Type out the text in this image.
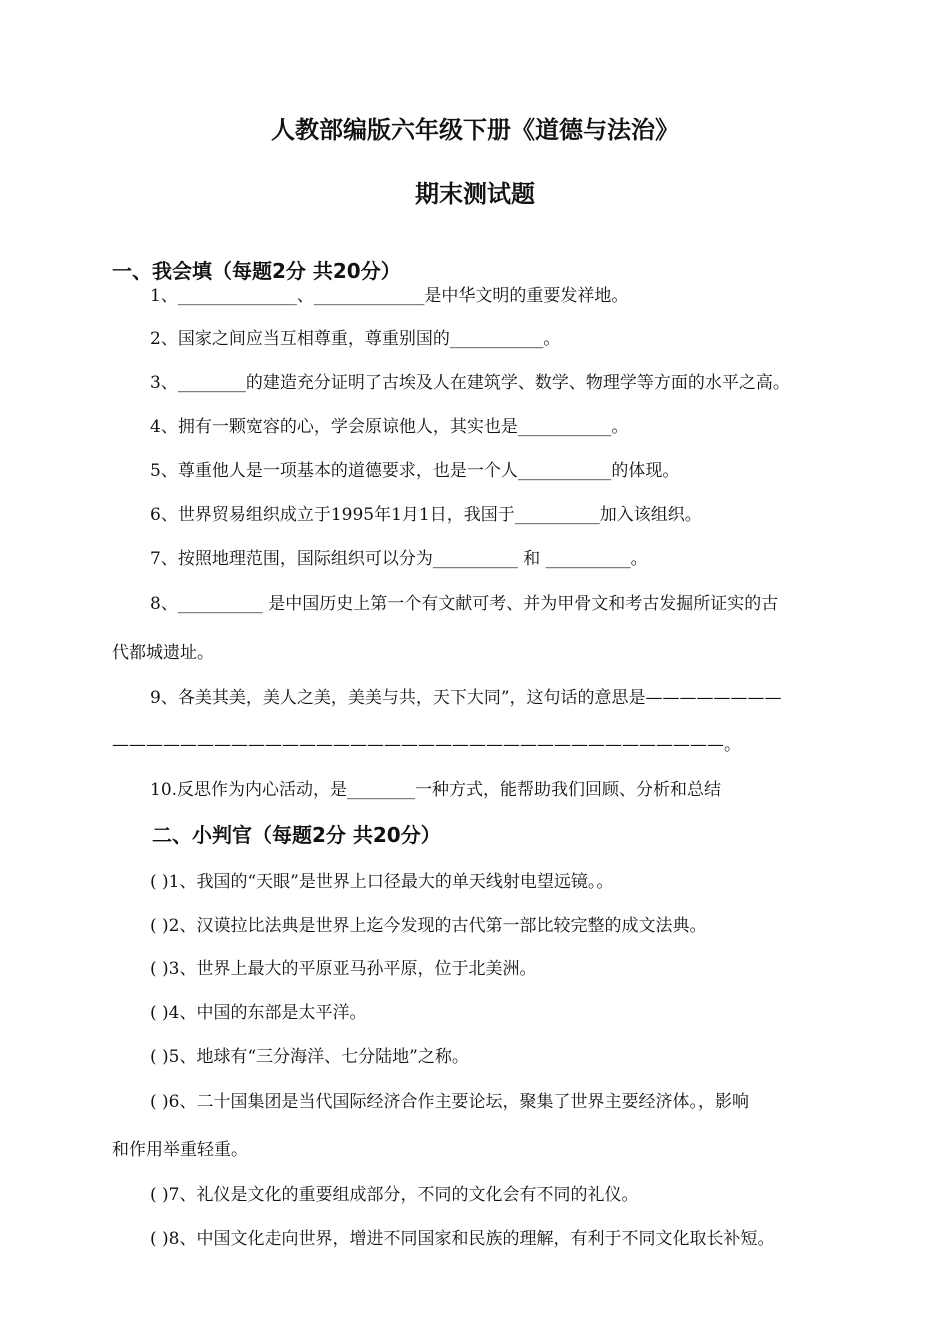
人教部编版六年级下册《道德与法治》
期末测试题
一、我会填（每题2分 共20分）
1、______________、_____________是中华文明的重要发祥地。
2、国家之间应当互相尊重，尊重别国的___________。
3、________的建造充分证明了古埃及人在建筑学、数学、物理学等方面的水平之高。
4、拥有一颗宽容的心，学会原谅他人，其实也是___________。
5、尊重他人是一项基本的道德要求，也是一个人___________的体现。
6、世界贸易组织成立于1995年1月1日，我国于__________加入该组织。
7、按照地理范围，国际组织可以分为__________ 和 __________。
8、__________ 是中国历史上第一个有文献可考、并为甲骨文和考古发掘所证实的古
代都城遗址。
9、各美其美，美人之美，美美与共，天下大同”，这句话的意思是————————
————————————————————————————————————。
10.反思作为内心活动，是________一种方式，能帮助我们回顾、分析和总结
二、小判官（每题2分 共20分）
( )1、我国的“天眼”是世界上口径最大的单天线射电望远镜。。
( )2、汉谟拉比法典是世界上迄今发现的古代第一部比较完整的成文法典。
( )3、世界上最大的平原亚马孙平原，位于北美洲。
( )4、中国的东部是太平洋。
( )5、地球有“三分海洋、七分陆地”之称。
( )6、二十国集团是当代国际经济合作主要论坛，聚集了世界主要经济体。，影响
和作用举重轻重。
( )7、礼仪是文化的重要组成部分，不同的文化会有不同的礼仪。
( )8、中国文化走向世界，增进不同国家和民族的理解，有利于不同文化取长补短。
